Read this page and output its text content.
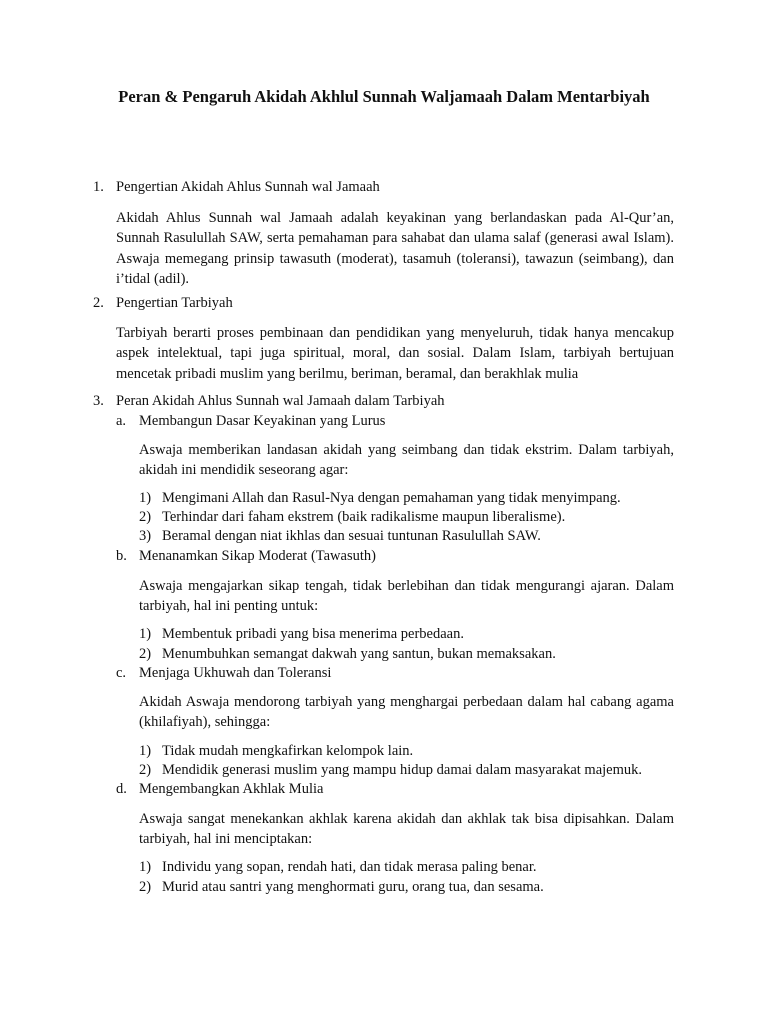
Peran & Pengaruh Akidah Akhlul Sunnah Waljamaah Dalam Mentarbiyah
1. Pengertian Akidah Ahlus Sunnah wal Jamaah

Akidah Ahlus Sunnah wal Jamaah adalah keyakinan yang berlandaskan pada Al-Qur’an, Sunnah Rasulullah SAW, serta pemahaman para sahabat dan ulama salaf (generasi awal Islam). Aswaja memegang prinsip tawasuth (moderat), tasamuh (toleransi), tawazun (seimbang), dan i’tidal (adil).

2. Pengertian Tarbiyah

Tarbiyah berarti proses pembinaan dan pendidikan yang menyeluruh, tidak hanya mencakup aspek intelektual, tapi juga spiritual, moral, dan sosial. Dalam Islam, tarbiyah bertujuan mencetak pribadi muslim yang berilmu, beriman, beramal, dan berakhlak mulia

3. Peran Akidah Ahlus Sunnah wal Jamaah dalam Tarbiyah
a. Membangun Dasar Keyakinan yang Lurus

Aswaja memberikan landasan akidah yang seimbang dan tidak ekstrim. Dalam tarbiyah, akidah ini mendidik seseorang agar:

1) Mengimani Allah dan Rasul-Nya dengan pemahaman yang tidak menyimpang.
2) Terhindar dari faham ekstrem (baik radikalisme maupun liberalisme).
3) Beramal dengan niat ikhlas dan sesuai tuntunan Rasulullah SAW.
b. Menanamkan Sikap Moderat (Tawasuth)

Aswaja mengajarkan sikap tengah, tidak berlebihan dan tidak mengurangi ajaran. Dalam tarbiyah, hal ini penting untuk:

1) Membentuk pribadi yang bisa menerima perbedaan.
2) Menumbuhkan semangat dakwah yang santun, bukan memaksakan.
c. Menjaga Ukhuwah dan Toleransi

Akidah Aswaja mendorong tarbiyah yang menghargai perbedaan dalam hal cabang agama (khilafiyah), sehingga:

1) Tidak mudah mengkafirkan kelompok lain.
2) Mendidik generasi muslim yang mampu hidup damai dalam masyarakat majemuk.
d. Mengembangkan Akhlak Mulia

Aswaja sangat menekankan akhlak karena akidah dan akhlak tak bisa dipisahkan. Dalam tarbiyah, hal ini menciptakan:

1) Individu yang sopan, rendah hati, dan tidak merasa paling benar.
2) Murid atau santri yang menghormati guru, orang tua, dan sesama.
